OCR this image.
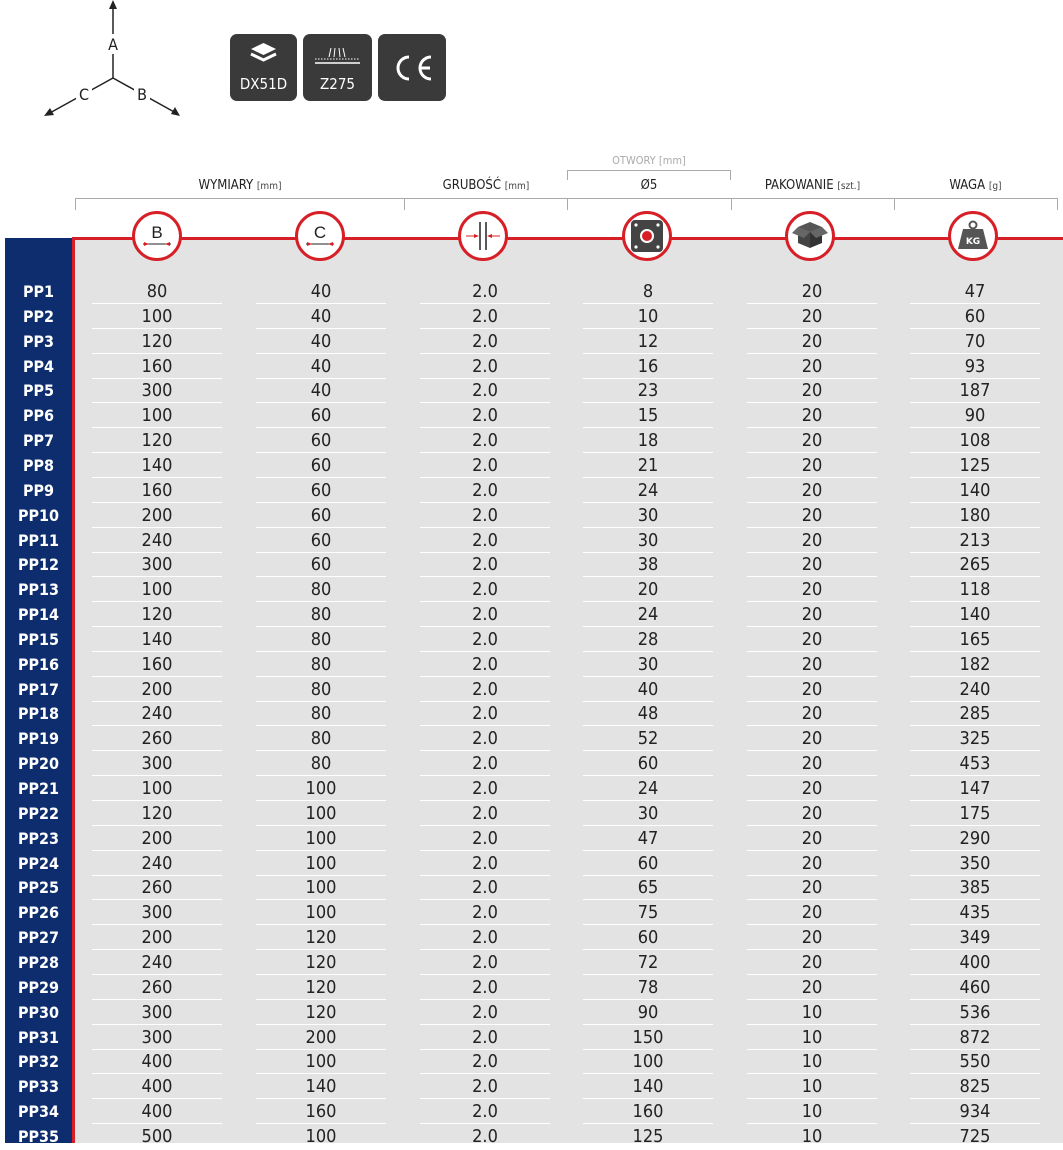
A
C	B
DX51D	Z275
OTWORY [mm]
WYMIARY [mm]	GRUBOŚĆ [mm]	Ø5	PAKOWANIE [szt.]	WAGA [g]
B	C	KG
PP1	80	40	2.0	8	20	47
PP2	100	40	2.0	10	20	60
PP3	120	40	2.0	12	20	70
PP4	160	40	2.0	16	20	93
PP5	300	40	2.0	23	20	187
PP6	100	60	2.0	15	20	90
PP7	120	60	2.0	18	20	108
PP8	140	60	2.0	21	20	125
PP9	160	60	2.0	24	20	140
PP10	200	60	2.0	30	20	180
PP11	240	60	2.0	30	20	213
PP12	300	60	2.0	38	20	265
PP13	100	80	2.0	20	20	118
PP14	120	80	2.0	24	20	140
PP15	140	80	2.0	28	20	165
PP16	160	80	2.0	30	20	182
PP17	200	80	2.0	40	20	240
PP18	240	80	2.0	48	20	285
PP19	260	80	2.0	52	20	325
PP20	300	80	2.0	60	20	453
PP21	100	100	2.0	24	20	147
PP22	120	100	2.0	30	20	175
PP23	200	100	2.0	47	20	290
PP24	240	100	2.0	60	20	350
PP25	260	100	2.0	65	20	385
PP26	300	100	2.0	75	20	435
PP27	200	120	2.0	60	20	349
PP28	240	120	2.0	72	20	400
PP29	260	120	2.0	78	20	460
PP30	300	120	2.0	90	10	536
PP31	300	200	2.0	150	10	872
PP32	400	100	2.0	100	10	550
PP33	400	140	2.0	140	10	825
PP34	400	160	2.0	160	10	934
PP35	500	100	2.0	125	10	725
